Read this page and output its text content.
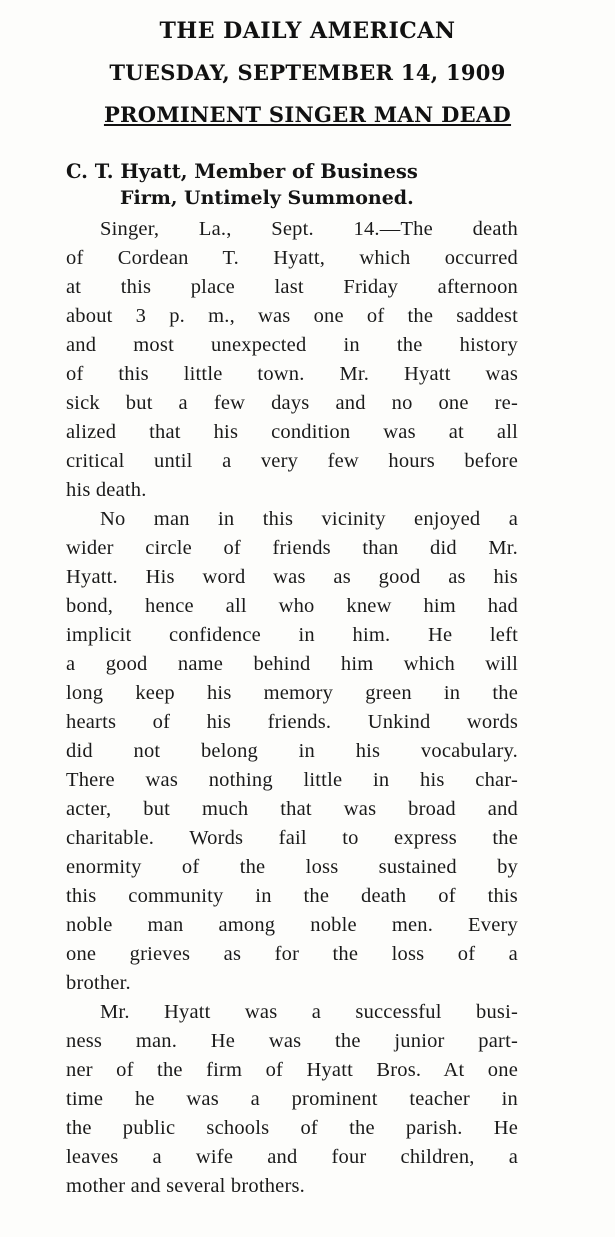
THE DAILY AMERICAN
TUESDAY, SEPTEMBER 14, 1909
PROMINENT SINGER MAN DEAD
C. T. Hyatt, Member of Business
Firm, Untimely Summoned.
Singer, La., Sept. 14.—The death
of Cordean T. Hyatt, which occurred
at this place last Friday afternoon
about 3 p. m., was one of the saddest
and most unexpected in the history
of this little town. Mr. Hyatt was
sick but a few days and no one re-
alized that his condition was at all
critical until a very few hours before
his death.
No man in this vicinity enjoyed a
wider circle of friends than did Mr.
Hyatt. His word was as good as his
bond, hence all who knew him had
implicit confidence in him. He left
a good name behind him which will
long keep his memory green in the
hearts of his friends. Unkind words
did not belong in his vocabulary.
There was nothing little in his char-
acter, but much that was broad and
charitable. Words fail to express the
enormity of the loss sustained by
this community in the death of this
noble man among noble men. Every
one grieves as for the loss of a
brother.
Mr. Hyatt was a successful busi-
ness man. He was the junior part-
ner of the firm of Hyatt Bros. At one
time he was a prominent teacher in
the public schools of the parish. He
leaves a wife and four children, a
mother and several brothers.
